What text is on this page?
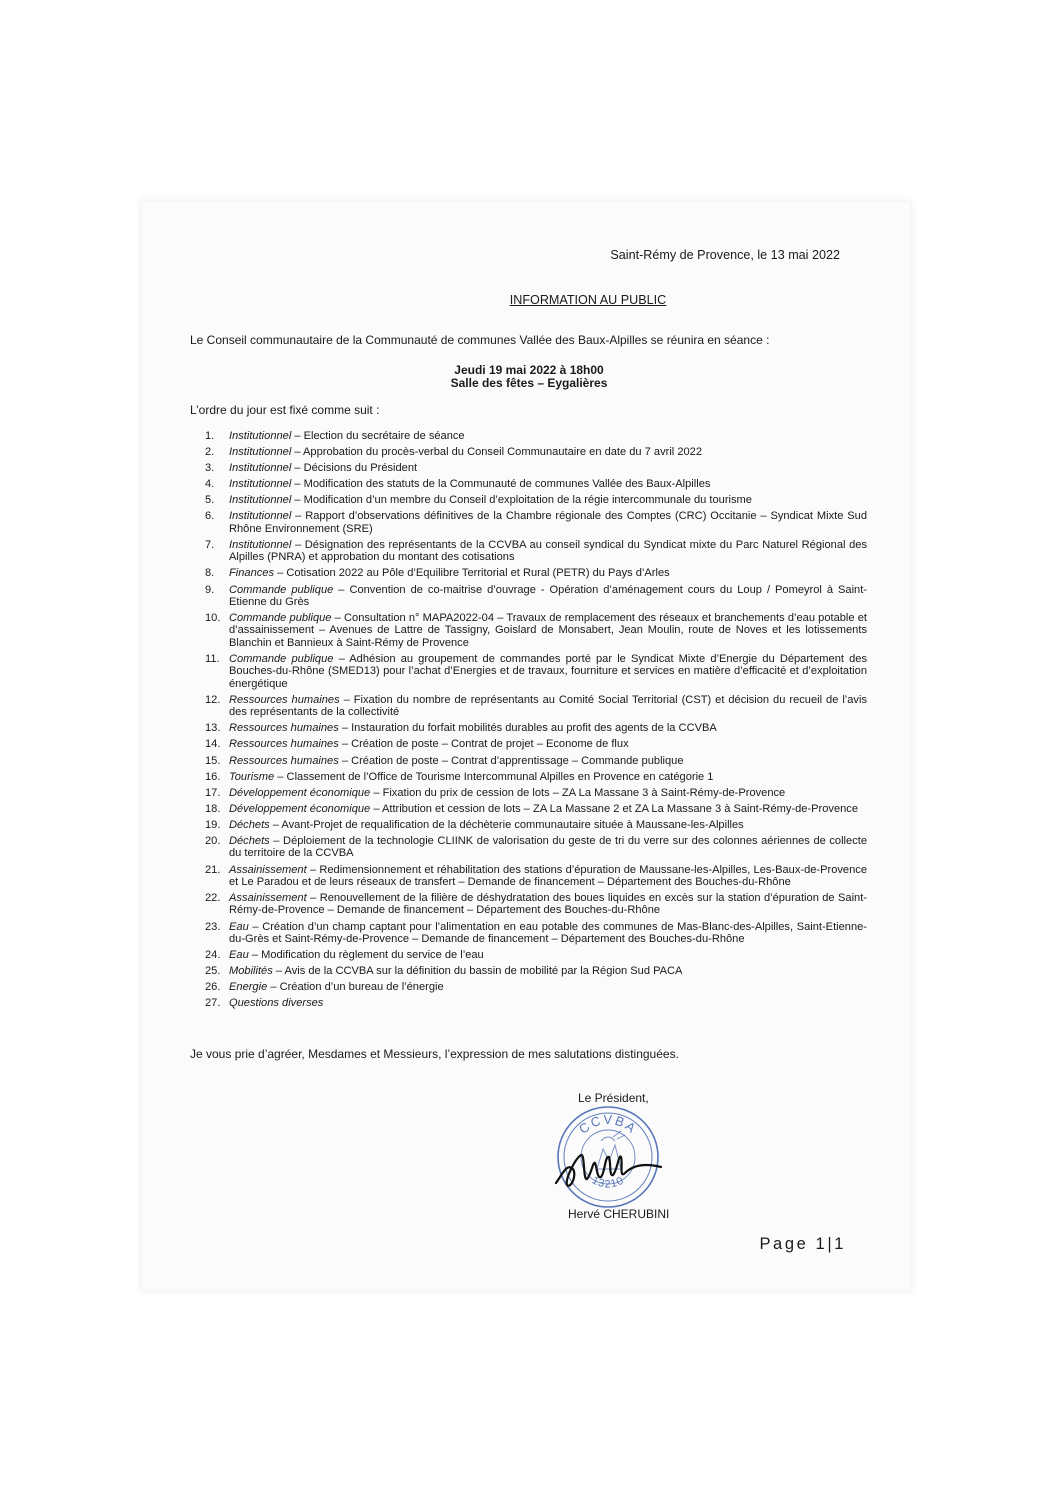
Saint-Rémy de Provence, le 13 mai 2022
INFORMATION AU PUBLIC
Le Conseil communautaire de la Communauté de communes Vallée des Baux-Alpilles se réunira en séance :
Jeudi 19 mai 2022 à 18h00
Salle des fêtes – Eygalières
L’ordre du jour est fixé comme suit :
1. Institutionnel – Election du secrétaire de séance
2. Institutionnel – Approbation du procès-verbal du Conseil Communautaire en date du 7 avril 2022
3. Institutionnel – Décisions du Président
4. Institutionnel – Modification des statuts de la Communauté de communes Vallée des Baux-Alpilles
5. Institutionnel – Modification d’un membre du Conseil d’exploitation de la régie intercommunale du tourisme
6. Institutionnel – Rapport d’observations définitives de la Chambre régionale des Comptes (CRC) Occitanie – Syndicat Mixte Sud Rhône Environnement (SRE)
7. Institutionnel – Désignation des représentants de la CCVBA au conseil syndical du Syndicat mixte du Parc Naturel Régional des Alpilles (PNRA) et approbation du montant des cotisations
8. Finances – Cotisation 2022 au Pôle d’Equilibre Territorial et Rural (PETR) du Pays d’Arles
9. Commande publique – Convention de co-maitrise d’ouvrage - Opération d’aménagement cours du Loup / Pomeyrol à Saint-Etienne du Grès
10. Commande publique – Consultation n° MAPA2022-04 – Travaux de remplacement des réseaux et branchements d’eau potable et d’assainissement – Avenues de Lattre de Tassigny, Goislard de Monsabert, Jean Moulin, route de Noves et les lotissements Blanchin et Bannieux à Saint-Rémy de Provence
11. Commande publique – Adhésion au groupement de commandes porté par le Syndicat Mixte d’Energie du Département des Bouches-du-Rhône (SMED13) pour l’achat d’Energies et de travaux, fourniture et services en matière d’efficacité et d’exploitation énergétique
12. Ressources humaines – Fixation du nombre de représentants au Comité Social Territorial (CST) et décision du recueil de l’avis des représentants de la collectivité
13. Ressources humaines – Instauration du forfait mobilités durables au profit des agents de la CCVBA
14. Ressources humaines – Création de poste – Contrat de projet – Econome de flux
15. Ressources humaines – Création de poste – Contrat d’apprentissage – Commande publique
16. Tourisme – Classement de l’Office de Tourisme Intercommunal Alpilles en Provence en catégorie 1
17. Développement économique – Fixation du prix de cession de lots – ZA La Massane 3 à Saint-Rémy-de-Provence
18. Développement économique – Attribution et cession de lots – ZA La Massane 2 et ZA La Massane 3 à Saint-Rémy-de-Provence
19. Déchets – Avant-Projet de requalification de la déchèterie communautaire située à Maussane-les-Alpilles
20. Déchets – Déploiement de la technologie CLIINK de valorisation du geste de tri du verre sur des colonnes aériennes de collecte du territoire de la CCVBA
21. Assainissement – Redimensionnement et réhabilitation des stations d’épuration de Maussane-les-Alpilles, Les-Baux-de-Provence et Le Paradou et de leurs réseaux de transfert – Demande de financement – Département des Bouches-du-Rhône
22. Assainissement – Renouvellement de la filière de déshydratation des boues liquides en excès sur la station d’épuration de Saint-Rémy-de-Provence – Demande de financement – Département des Bouches-du-Rhône
23. Eau – Création d’un champ captant pour l’alimentation en eau potable des communes de Mas-Blanc-des-Alpilles, Saint-Etienne-du-Grès et Saint-Rémy-de-Provence – Demande de financement – Département des Bouches-du-Rhône
24. Eau – Modification du règlement du service de l’eau
25. Mobilités – Avis de la CCVBA sur la définition du bassin de mobilité par la Région Sud PACA
26. Energie – Création d’un bureau de l’énergie
27. Questions diverses
Je vous prie d’agréer, Mesdames et Messieurs, l’expression de mes salutations distinguées.
Le Président,
CCVBA
13210
Hervé CHERUBINI
Page 1|1
